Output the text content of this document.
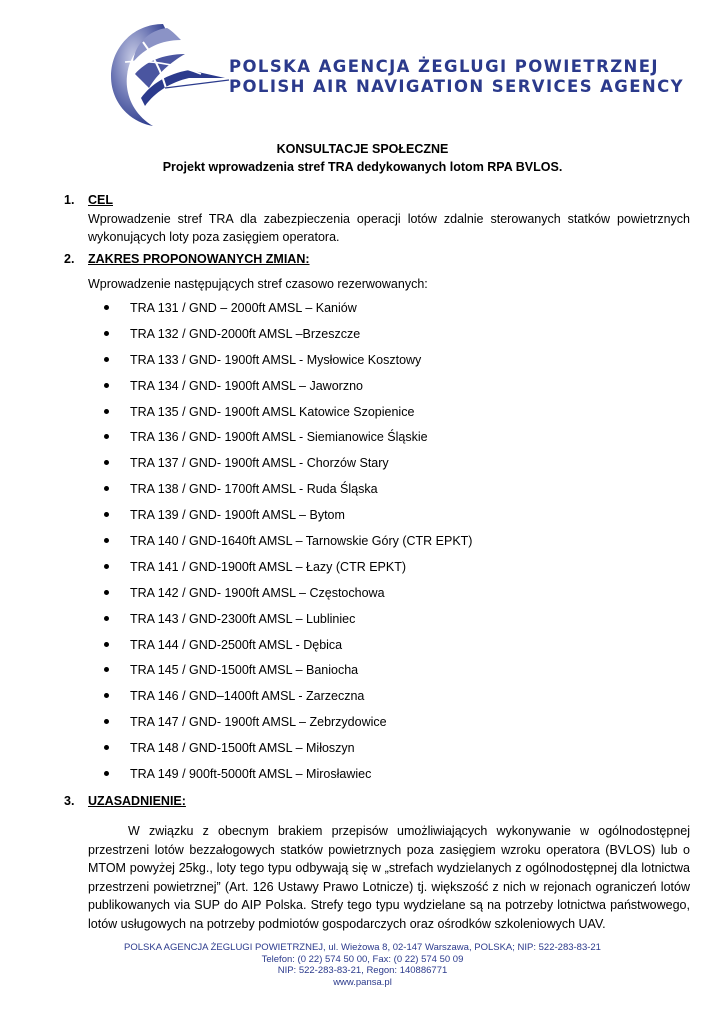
POLSKA AGENCJA ŻEGLUGI POWIETRZNEJ
POLISH AIR NAVIGATION SERVICES AGENCY
KONSULTACJE SPOŁECZNE
Projekt wprowadzenia stref TRA dedykowanych lotom RPA BVLOS.
1. CEL
Wprowadzenie stref TRA dla zabezpieczenia operacji lotów zdalnie sterowanych statków powietrznych wykonujących loty poza zasięgiem operatora.
2. ZAKRES PROPONOWANYCH ZMIAN:
Wprowadzenie następujących stref czasowo rezerwowanych:
TRA 131 / GND – 2000ft AMSL – Kaniów
TRA 132 / GND-2000ft AMSL –Brzeszcze
TRA 133 / GND- 1900ft AMSL - Mysłowice Kosztowy
TRA 134 / GND- 1900ft AMSL – Jaworzno
TRA 135 / GND- 1900ft AMSL Katowice Szopienice
TRA 136 / GND- 1900ft AMSL - Siemianowice Śląskie
TRA 137 / GND- 1900ft AMSL - Chorzów Stary
TRA 138 / GND- 1700ft AMSL - Ruda Śląska
TRA 139 / GND- 1900ft AMSL – Bytom
TRA 140 / GND-1640ft AMSL – Tarnowskie Góry (CTR EPKT)
TRA 141 / GND-1900ft AMSL – Łazy (CTR EPKT)
TRA 142 / GND- 1900ft AMSL – Częstochowa
TRA 143 / GND-2300ft AMSL – Lubliniec
TRA 144 / GND-2500ft AMSL - Dębica
TRA 145 / GND-1500ft AMSL – Baniocha
TRA 146 / GND–1400ft AMSL - Zarzeczna
TRA 147 / GND- 1900ft AMSL – Zebrzydowice
TRA 148 / GND-1500ft AMSL – Miłoszyn
TRA 149 / 900ft-5000ft AMSL – Mirosławiec
3. UZASADNIENIE:
W związku z obecnym brakiem przepisów umożliwiających wykonywanie w ogólnodostępnej przestrzeni lotów bezzałogowych statków powietrznych poza zasięgiem wzroku operatora (BVLOS) lub o MTOM powyżej 25kg., loty tego typu odbywają się w „strefach wydzielanych z ogólnodostępnej dla lotnictwa przestrzeni powietrznej” (Art. 126 Ustawy Prawo Lotnicze) tj. większość z nich w rejonach ograniczeń lotów publikowanych via SUP do AIP Polska. Strefy tego typu wydzielane są na potrzeby lotnictwa państwowego, lotów usługowych na potrzeby podmiotów gospodarczych oraz ośrodków szkoleniowych UAV.
POLSKA AGENCJA ŻEGLUGI POWIETRZNEJ, ul. Wieżowa 8, 02-147 Warszawa, POLSKA; NIP: 522-283-83-21
Telefon: (0 22) 574 50 00, Fax: (0 22) 574 50 09
NIP: 522-283-83-21, Regon: 140886771
www.pansa.pl
